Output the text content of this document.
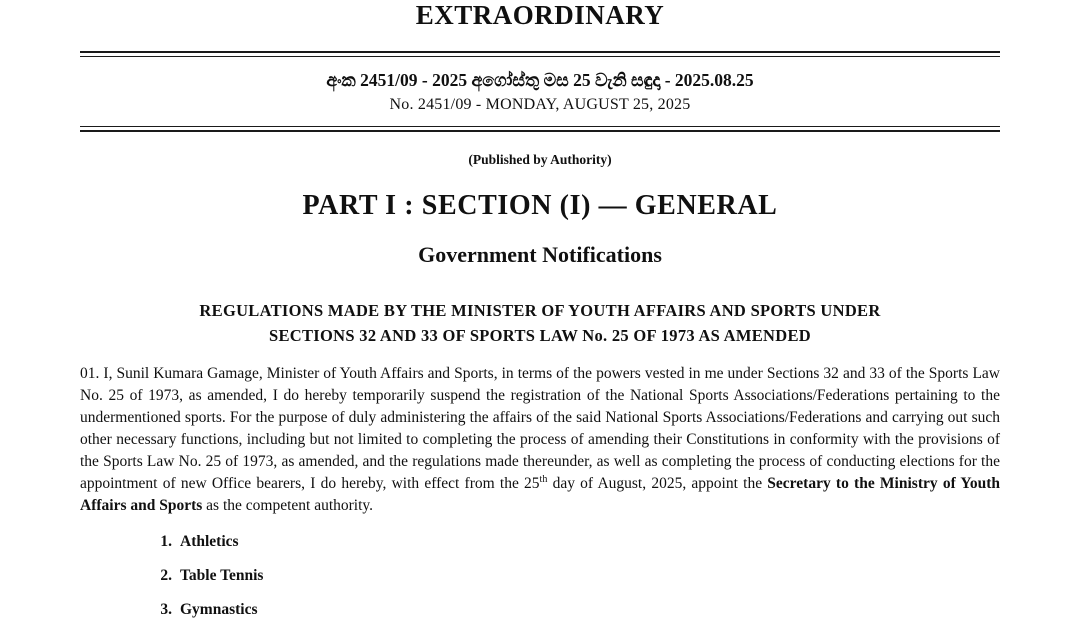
EXTRAORDINARY
අංක 2451/09 - 2025 අගෝස්තු මස 25 වැනි සඳුදා - 2025.08.25
No. 2451/09 - MONDAY, AUGUST 25, 2025
(Published by Authority)
PART I : SECTION (I) — GENERAL
Government Notifications
REGULATIONS MADE BY THE MINISTER OF YOUTH AFFAIRS AND SPORTS UNDER
SECTIONS 32 AND 33 OF SPORTS LAW No. 25 OF 1973 AS AMENDED

01. I, Sunil Kumara Gamage, Minister of Youth Affairs and Sports, in terms of the powers vested in me under Sections 32 and 33 of the Sports Law No. 25 of 1973, as amended, I do hereby temporarily suspend the registration of the National Sports Associations/Federations pertaining to the undermentioned sports. For the purpose of duly administering the affairs of the said National Sports Associations/Federations and carrying out such other necessary functions, including but not limited to completing the process of amending their Constitutions in conformity with the provisions of the Sports Law No. 25 of 1973, as amended, and the regulations made thereunder, as well as completing the process of conducting elections for the appointment of new Office bearers, I do hereby, with effect from the 25th day of August, 2025, appoint the Secretary to the Ministry of Youth Affairs and Sports as the competent authority.

1. Athletics
2. Table Tennis
3. Gymnastics
